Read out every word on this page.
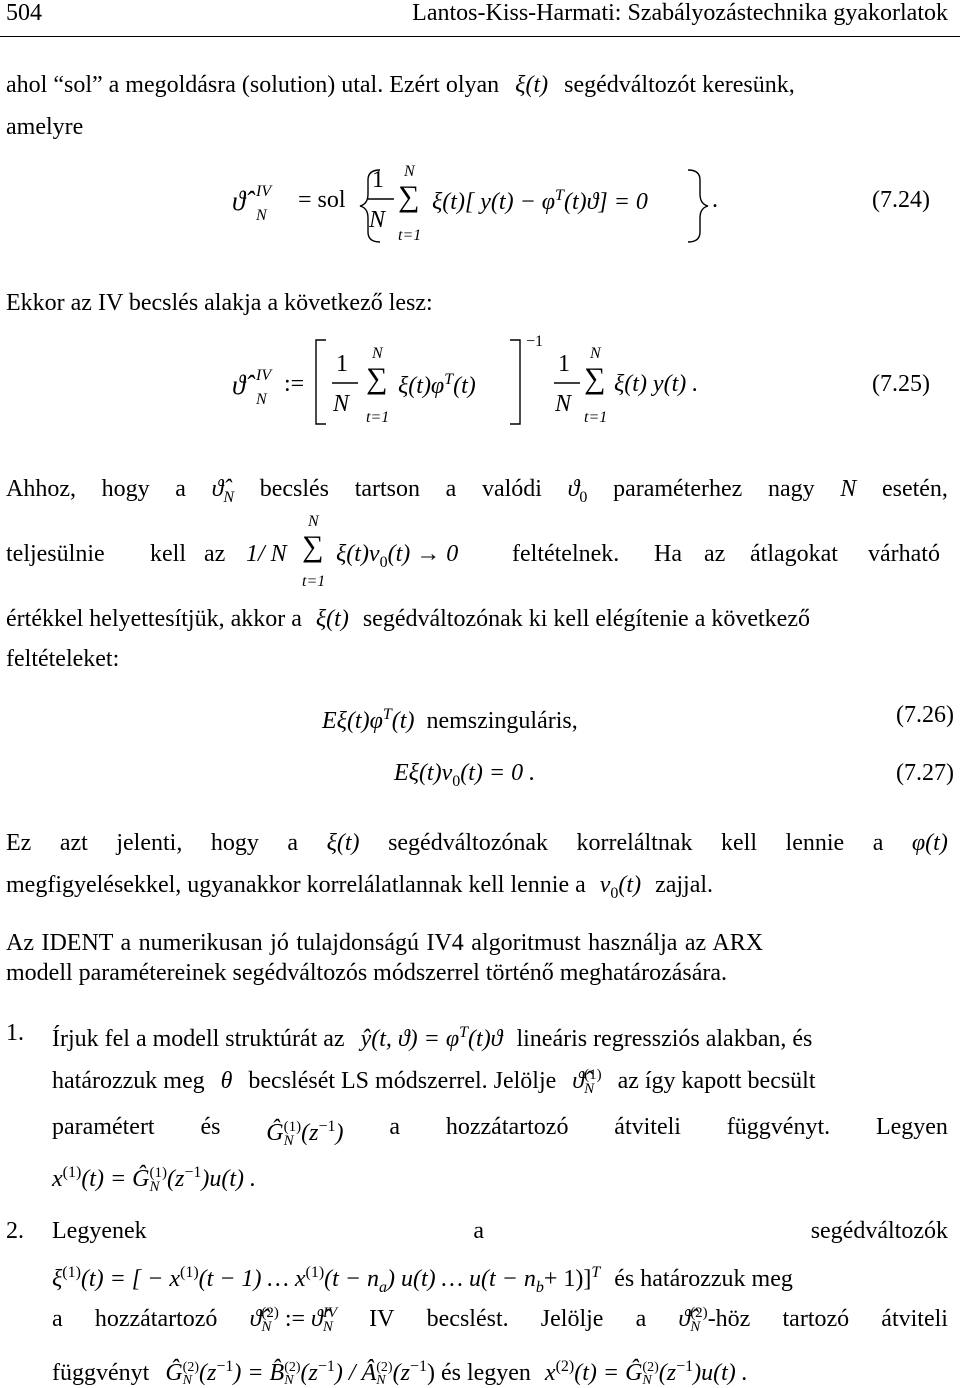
504	Lantos-Kiss-Harmati: Szabályozástechnika gyakorlatok
ahol “sol” a megoldásra (solution) utal. Ezért olyan ξ(t) segédváltozót keresünk,
amelyre
ϑ̂ IV
N
= sol
1
N
N
∑
t=1
ξ(t)[ $y(t) - \varphi^T(t)ϑ] = 0$	.	(7.24)
Ekkor az IV becslés alakja a következő lesz:
ϑ̂ IV
N
:=
1
N
N
∑
t=1
$\xi(t)\varphi^T(t)$
−1
1
N
N
∑
t=1
ξ(t) y(t) .	(7.25)
Ahhoz, hogy a $ϑ̂_N$ becslés tartson a valódi $ϑ_0$ paraméterhez nagy N esetén,
teljesülnie kell az 1/ N
N
∑
t=1
$\xi(t)\nu_0(t) \to 0$ feltételnek. Ha az átlagokat várható
értékkel helyettesítjük, akkor a ξ(t) segédváltozónak ki kell elégítenie a következő
feltételeket:
$E\xi(t)\varphi^T(t)$ nemszinguláris,	(7.26)
$E\xi(t)\nu_0(t) = 0$ .	(7.27)
Ez azt jelenti, hogy a ξ(t) segédváltozónak korreláltnak kell lennie a φ(t)
megfigyelésekkel, ugyanakkor korrelálatlannak kell lennie a $\nu_0(t)$ zajjal.
Az IDENT a numerikusan jó tulajdonságú IV4 algoritmust használja az ARX
modell paramétereinek segédváltozós módszerrel történő meghatározására.
1. Írjuk fel a modell struktúrát az ŷ(t, $ϑ) = \varphi^T(t)ϑ$ lineáris regressziós alakban, és
határozzuk meg θ becslését LS módszerrel. Jelölje ϑ̂ (1)
N az így kapott becsült
paramétert és Ĝ (1)
N $(z^{-1})$ a hozzátartozó átviteli függvényt. Legyen
$x^{(1)}(t)$ = Ĝ (1)
N $(z^{-1})u(t)$ .
2. Legyenek	a	segédváltozók
$\xi^{(1)}(t)$ = [ − $x^{(1)}(t - 1)$ … $x^{(1)}(t - n_a)$ u(t) … $u(t - n_b+ 1)]^T$ és határozzuk meg
a hozzátartozó ϑ̂ (2)
N := ϑ̂ IV
N IV becslést. Jelölje a ϑ̂ (2)
N -höz tartozó átviteli
függvényt Ĝ (2)
N $(z^{-1})$ = B̂ (2)
N $(z^{-1})$ / Â (2)
N $(z^{-1})$ és legyen $x^{(2)}(t)$ = Ĝ (2)
N $(z^{-1})u(t)$ .
